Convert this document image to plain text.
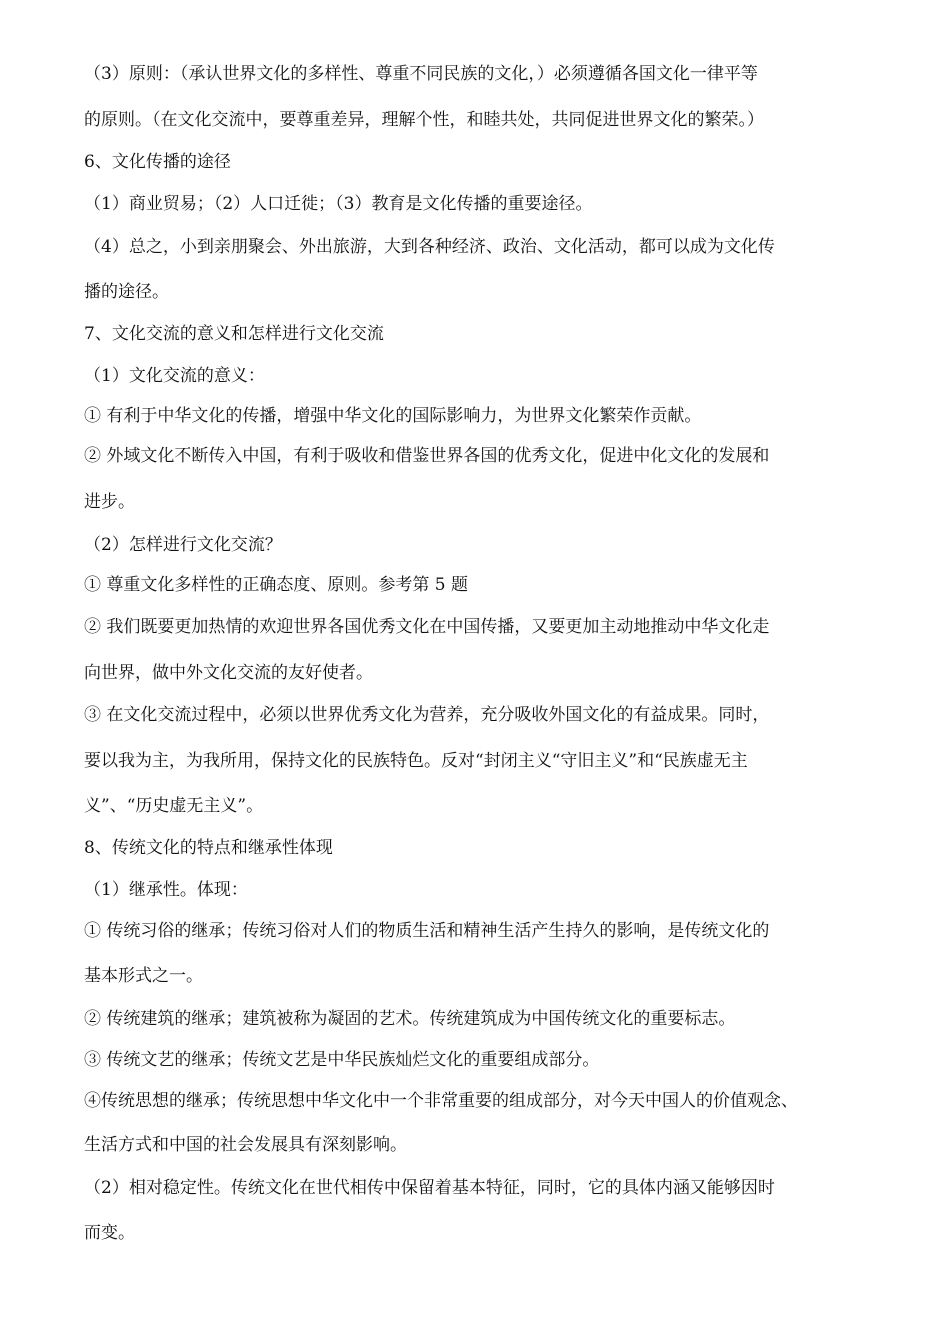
（3）原则：（承认世界文化的多样性、尊重不同民族的文化，）必须遵循各国文化一律平等
的原则。（在文化交流中，要尊重差异，理解个性，和睦共处，共同促进世界文化的繁荣。）
6、文化传播的途径
（1）商业贸易；（2）人口迁徙；（3）教育是文化传播的重要途径。
（4）总之，小到亲朋聚会、外出旅游，大到各种经济、政治、文化活动，都可以成为文化传
播的途径。
7、文化交流的意义和怎样进行文化交流
（1）文化交流的意义：
① 有利于中华文化的传播，增强中华文化的国际影响力，为世界文化繁荣作贡献。
② 外域文化不断传入中国，有利于吸收和借鉴世界各国的优秀文化，促进中化文化的发展和
进步。
（2）怎样进行文化交流？
① 尊重文化多样性的正确态度、原则。参考第 5 题
② 我们既要更加热情的欢迎世界各国优秀文化在中国传播，又要更加主动地推动中华文化走
向世界，做中外文化交流的友好使者。
③ 在文化交流过程中，必须以世界优秀文化为营养，充分吸收外国文化的有益成果。同时，
要以我为主，为我所用，保持文化的民族特色。反对“封闭主义“守旧主义”和“民族虚无主
义”、“历史虚无主义”。
8、传统文化的特点和继承性体现
（1）继承性。体现：
① 传统习俗的继承；传统习俗对人们的物质生活和精神生活产生持久的影响，是传统文化的
基本形式之一。
② 传统建筑的继承；建筑被称为凝固的艺术。传统建筑成为中国传统文化的重要标志。
③ 传统文艺的继承；传统文艺是中华民族灿烂文化的重要组成部分。
④传统思想的继承；传统思想中华文化中一个非常重要的组成部分，对今天中国人的价值观念、
生活方式和中国的社会发展具有深刻影响。
（2）相对稳定性。传统文化在世代相传中保留着基本特征，同时，它的具体内涵又能够因时
而变。
